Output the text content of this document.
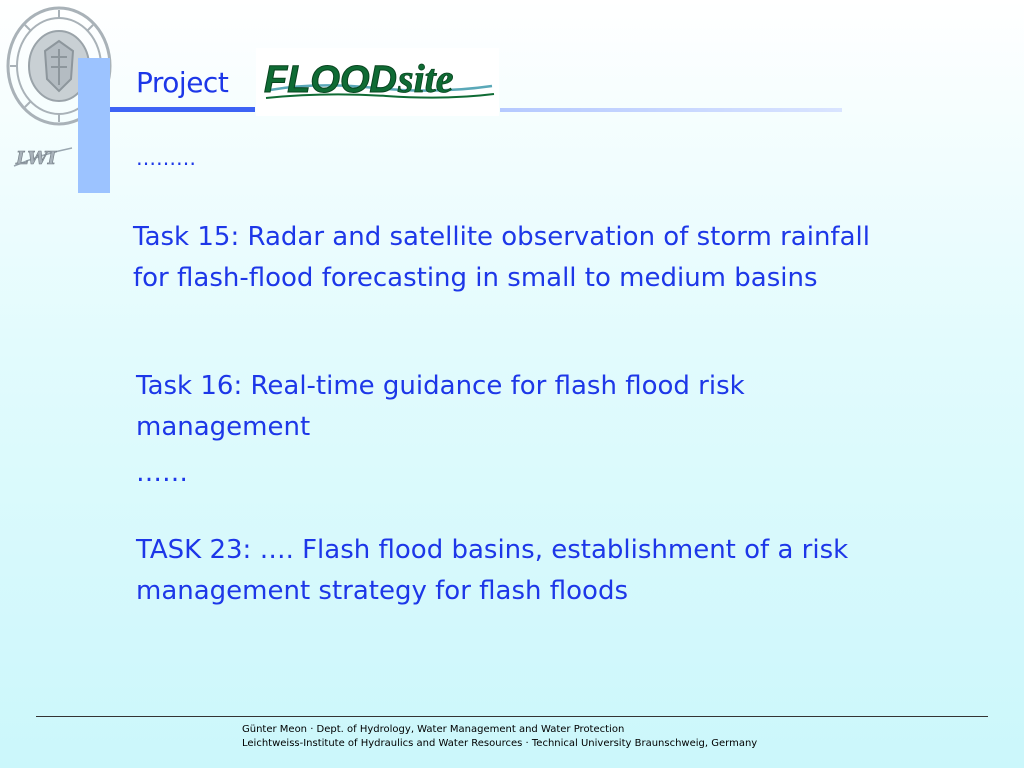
LWI
Project FLOOD site
………

Task 15: Radar and satellite observation of storm rainfall for flash-flood forecasting in small to medium basins

Task 16: Real-time guidance for flash flood risk management

……

TASK 23: …. Flash flood basins, establishment of a risk management strategy for flash floods

Günter Meon · Dept. of Hydrology, Water Management and Water Protection
Leichtweiss-Institute of Hydraulics and Water Resources · Technical University Braunschweig, Germany
